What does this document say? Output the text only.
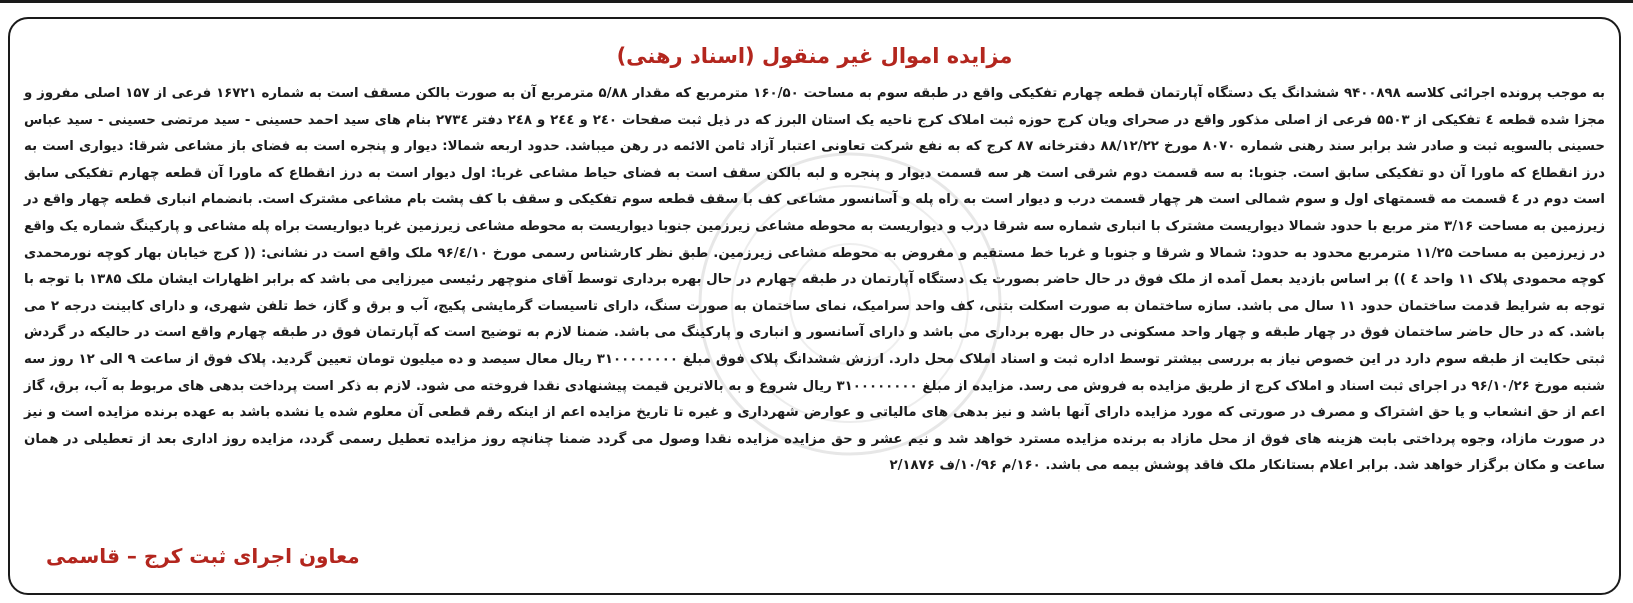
مزایده اموال غیر منقول (اسناد رهنی)

به موجب پرونده اجرائی کلاسه ۹۴۰۰۸۹۸ ششدانگ یک دستگاه آپارتمان قطعه چهارم تفکیکی واقع در طبقه سوم به مساحت ۱۶۰/۵۰ مترمربع که مقدار ۵/۸۸ مترمربع آن به صورت بالکن مسقف است به شماره ۱۶۷۲۱ فرعی از ۱۵۷ اصلی مفروز و مجزا شده قطعه ٤ تفکیکی از ۵۵۰۳ فرعی از اصلی مذکور واقع در صحرای ویان کرج حوزه ثبت املاک کرج ناحیه یک استان البرز که در ذیل ثبت صفحات ۲٤۰ و ۲٤٤ و ۲٤۸ دفتر ۲۷۳٤ بنام های سید احمد حسینی - سید مرتضی حسینی - سید عباس حسینی بالسویه ثبت و صادر شد برابر سند رهنی شماره ۸۰۷۰ مورخ ۸۸/۱۲/۲۲ دفترخانه ۸۷ کرج که به نفع شرکت تعاونی اعتبار آزاد ثامن الائمه در رهن میباشد. حدود اربعه شمالا: دیوار و پنجره است به فضای باز مشاعی شرقا: دیواری است به درز انقطاع که ماورا آن دو تفکیکی سابق است. جنوبا: به سه قسمت دوم شرقی است هر سه قسمت دیوار و پنجره و لبه بالکن سقف است به فضای حیاط مشاعی غربا: اول دیوار است به درز انقطاع که ماورا آن قطعه چهارم تفکیکی سابق است دوم در ٤ قسمت مه قسمتهای اول و سوم شمالی است هر چهار قسمت درب و دیوار است به راه پله و آسانسور مشاعی کف با سقف قطعه سوم تفکیکی و سقف با کف پشت بام مشاعی مشترک است. بانضمام انباری قطعه چهار واقع در زیرزمین به مساحت ۳/۱۶ متر مربع با حدود شمالا دیواریست مشترک با انباری شماره سه شرقا درب و دیواریست به محوطه مشاعی زیرزمین جنوبا دیواریست به محوطه مشاعی زیرزمین غربا دیواریست براه پله مشاعی و پارکینگ شماره یک واقع در زیرزمین به مساحت ۱۱/۲۵ مترمربع محدود به حدود: شمالا و شرقا و جنوبا و غربا خط مستقیم و مفروض به محوطه مشاعی زیرزمین. طبق نظر کارشناس رسمی مورخ ۹۶/٤/۱۰ ملک واقع است در نشانی: (( کرج خیابان بهار کوچه نورمحمدی کوچه محمودی پلاک ۱۱ واحد ٤ )) بر اساس بازدید بعمل آمده از ملک فوق در حال حاضر بصورت یک دستگاه آپارتمان در طبقه چهارم در حال بهره برداری توسط آقای منوچهر رئیسی میرزایی می باشد که برابر اظهارات ایشان ملک ۱۳۸۵ با توجه با توجه به شرایط قدمت ساختمان حدود ۱۱ سال می باشد. سازه ساختمان به صورت اسکلت بتنی، کف واحد سرامیک، نمای ساختمان به صورت سنگ، دارای تاسیسات گرمایشی پکیج، آب و برق و گاز، خط تلفن شهری، و دارای کابینت درجه ۲ می باشد. که در حال حاضر ساختمان فوق در چهار طبقه و چهار واحد مسکونی در حال بهره برداری می باشد و دارای آسانسور و انباری و پارکینگ می باشد. ضمنا لازم به توضیح است که آپارتمان فوق در طبقه چهارم واقع است در حالیکه در گردش ثبتی حکایت از طبقه سوم دارد در این خصوص نیاز به بررسی بیشتر توسط اداره ثبت و اسناد املاک محل دارد. ارزش ششدانگ پلاک فوق مبلغ ۳۱۰۰۰۰۰۰۰۰ ریال معال سیصد و ده میلیون تومان تعیین گردید. پلاک فوق از ساعت ۹ الی ۱۲ روز سه شنبه مورخ ۹۶/۱۰/۲۶ در اجرای ثبت اسناد و املاک کرج از طریق مزایده به فروش می رسد. مزایده از مبلغ ۳۱۰۰۰۰۰۰۰۰ ریال شروع و به بالاترین قیمت پیشنهادی نقدا فروخته می شود. لازم به ذکر است پرداخت بدهی های مربوط به آب، برق، گاز اعم از حق انشعاب و یا حق اشتراک و مصرف در صورتی که مورد مزایده دارای آنها باشد و نیز بدهی های مالیاتی و عوارض شهرداری و غیره تا تاریخ مزایده اعم از اینکه رقم قطعی آن معلوم شده یا نشده باشد به عهده برنده مزایده است و نیز در صورت مازاد، وجوه پرداختی بابت هزینه های فوق از محل مازاد به برنده مزایده مسترد خواهد شد و نیم عشر و حق مزایده مزایده نقدا وصول می گردد ضمنا چنانچه روز مزایده تعطیل رسمی گردد، مزایده روز اداری بعد از تعطیلی در همان ساعت و مکان برگزار خواهد شد. برابر اعلام بستانکار ملک فاقد پوشش بیمه می باشد. ۱۶۰/م ۱۰/۹۶/ف ۲/۱۸۷۶

معاون اجرای ثبت کرج – قاسمی
